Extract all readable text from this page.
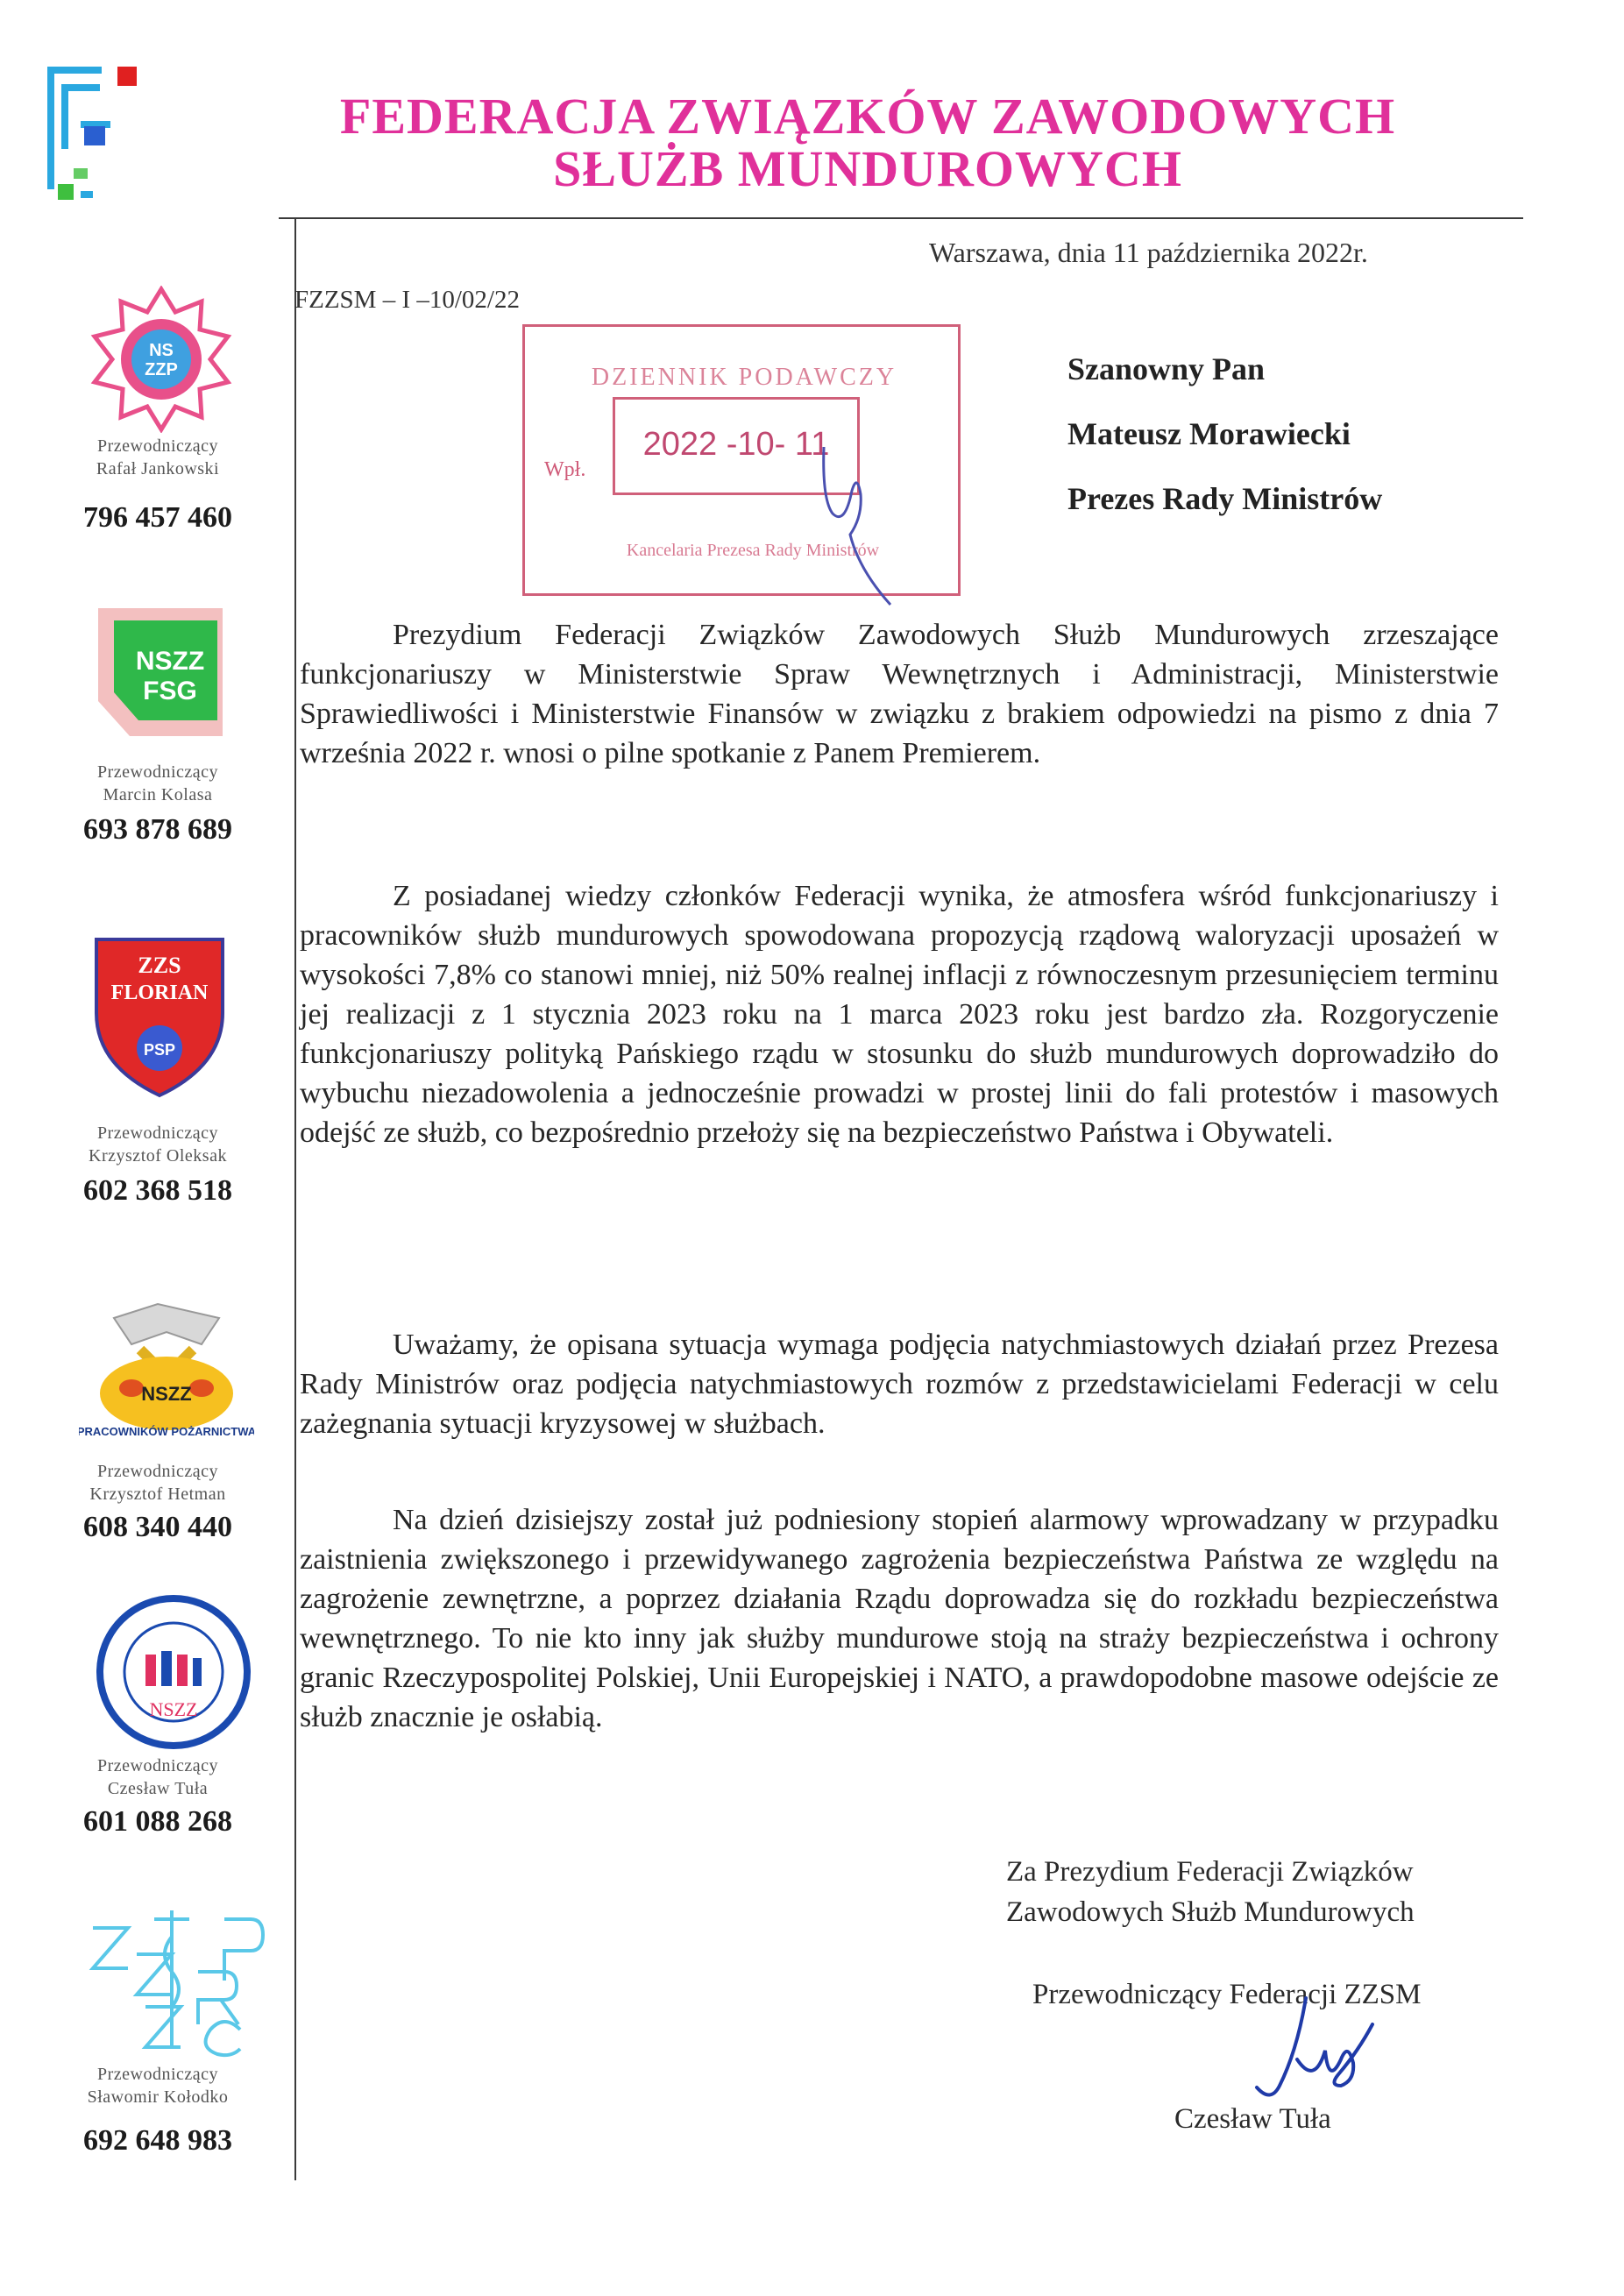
FEDERACJA ZWIĄZKÓW ZAWODOWYCH
SŁUŻB MUNDUROWYCH
NS
ZZP
Przewodniczący
Rafał Jankowski
796 457 460
NSZZ
FSG
Przewodniczący
Marcin Kolasa
693 878 689
ZZS
FLORIAN
PSP
Przewodniczący
Krzysztof Oleksak
602 368 518
NSZZ
PRACOWNIKÓW POŻARNICTWA
Przewodniczący
Krzysztof Hetman
608 340 440
NSZZ
Przewodniczący
Czesław Tuła
601 088 268
Przewodniczący
Sławomir Kołodko
692 648 983
Warszawa, dnia 11 października 2022r.
FZZSM – I –10/02/22
Szanowny Pan
Mateusz Morawiecki
Prezes Rady Ministrów
DZIENNIK PODAWCZY
Wpł.
2022 -10- 11
Kancelaria Prezesa Rady Ministrów

Prezydium Federacji Związków Zawodowych Służb Mundurowych zrzeszające funkcjonariuszy w Ministerstwie Spraw Wewnętrznych i Administracji, Ministerstwie Sprawiedliwości i Ministerstwie Finansów w związku z brakiem odpowiedzi na pismo z dnia 7 września 2022 r. wnosi o pilne spotkanie z Panem Premierem.

Z posiadanej wiedzy członków Federacji wynika, że atmosfera wśród funkcjonariuszy i pracowników służb mundurowych spowodowana propozycją rządową waloryzacji uposażeń w wysokości 7,8% co stanowi mniej, niż 50% realnej inflacji z równoczesnym przesunięciem terminu jej realizacji z 1 stycznia 2023 roku na 1 marca 2023 roku jest bardzo zła. Rozgoryczenie funkcjonariuszy polityką Pańskiego rządu w stosunku do służb mundurowych doprowadziło do wybuchu niezadowolenia a jednocześnie prowadzi w prostej linii do fali protestów i masowych odejść ze służb, co bezpośrednio przełoży się na bezpieczeństwo Państwa i Obywateli.

Uważamy, że opisana sytuacja wymaga podjęcia natychmiastowych działań przez Prezesa Rady Ministrów oraz podjęcia natychmiastowych rozmów z przedstawicielami Federacji w celu zażegnania sytuacji kryzysowej w służbach.

Na dzień dzisiejszy został już podniesiony stopień alarmowy wprowadzany w przypadku zaistnienia zwiększonego i przewidywanego zagrożenia bezpieczeństwa Państwa ze względu na zagrożenie zewnętrzne, a poprzez działania Rządu doprowadza się do rozkładu bezpieczeństwa wewnętrznego. To nie kto inny jak służby mundurowe stoją na straży bezpieczeństwa i ochrony granic Rzeczypospolitej Polskiej, Unii Europejskiej i NATO, a prawdopodobne masowe odejście ze służb znacznie je osłabią.

Za Prezydium Federacji Związków
Zawodowych Służb Mundurowych
Przewodniczący Federacji ZZSM
Czesław Tuła
